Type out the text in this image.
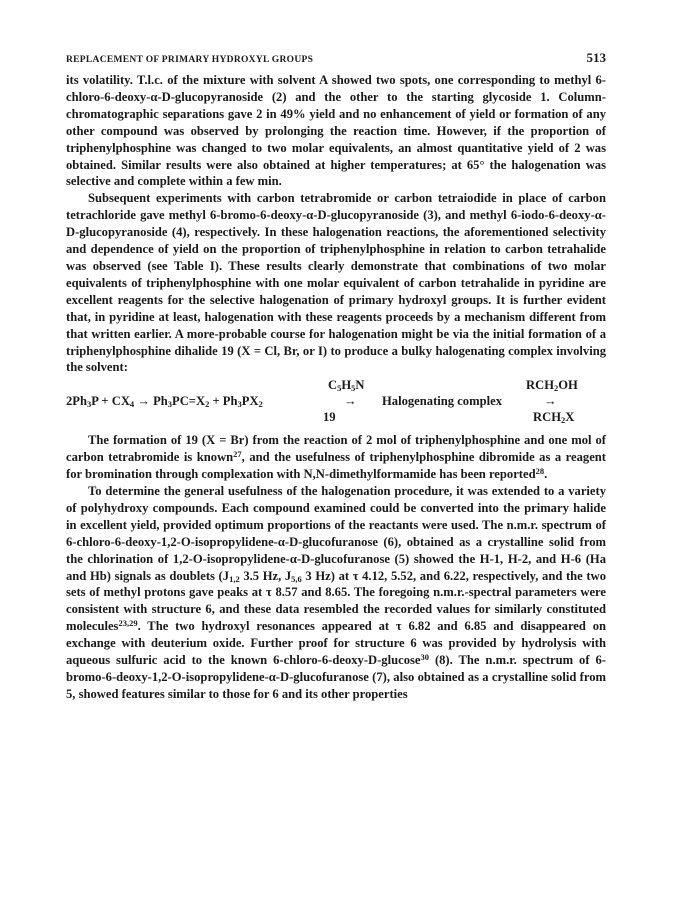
REPLACEMENT OF PRIMARY HYDROXYL GROUPS	513

its volatility. T.l.c. of the mixture with solvent A showed two spots, one corresponding to methyl 6-chloro-6-deoxy-α-D-glucopyranoside (2) and the other to the starting glycoside 1. Column-chromatographic separations gave 2 in 49% yield and no enhancement of yield or formation of any other compound was observed by prolonging the reaction time. However, if the proportion of triphenylphosphine was changed to two molar equivalents, an almost quantitative yield of 2 was obtained. Similar results were also obtained at higher temperatures; at 65° the halogenation was selective and complete within a few min.

Subsequent experiments with carbon tetrabromide or carbon tetraiodide in place of carbon tetrachloride gave methyl 6-bromo-6-deoxy-α-D-glucopyranoside (3), and methyl 6-iodo-6-deoxy-α-D-glucopyranoside (4), respectively. In these halogenation reactions, the aforementioned selectivity and dependence of yield on the proportion of triphenylphosphine in relation to carbon tetrahalide was observed (see Table I). These results clearly demonstrate that combinations of two molar equivalents of triphenylphosphine with one molar equivalent of carbon tetrahalide in pyridine are excellent reagents for the selective halogenation of primary hydroxyl groups. It is further evident that, in pyridine at least, halogenation with these reagents proceeds by a mechanism different from that written earlier. A more-probable course for halogenation might be via the initial formation of a triphenylphosphine dihalide 19 (X = Cl, Br, or I) to produce a bulky halogenating complex involving the solvent:

$C_5H_5N$	$RCH_2OH$
$2Ph_3P + CX_4 \to Ph_3PC=X_2 + Ph_3PX_2$	→ Halogenating complex	→
19	$RCH_2X$

The formation of 19 (X = Br) from the reaction of 2 mol of triphenylphosphine and one mol of carbon tetrabromide is known$^{27}$, and the usefulness of triphenylphosphine dibromide as a reagent for bromination through complexation with N,N-dimethylformamide has been reported$^{28}$.

To determine the general usefulness of the halogenation procedure, it was extended to a variety of polyhydroxy compounds. Each compound examined could be converted into the primary halide in excellent yield, provided optimum proportions of the reactants were used. The n.m.r. spectrum of 6-chloro-6-deoxy-1,2-O-isopropylidene-α-D-glucofuranose (6), obtained as a crystalline solid from the chlorination of 1,2-O-isopropylidene-α-D-glucofuranose (5) showed the H-1, H-2, and H-6 (Ha and Hb) signals as doublets ($J_{1,2}$ 3.5 Hz, $J_{5,6}$ 3 Hz) at τ 4.12, 5.52, and 6.22, respectively, and the two sets of methyl protons gave peaks at τ 8.57 and 8.65. The foregoing n.m.r.-spectral parameters were consistent with structure 6, and these data resembled the recorded values for similarly constituted molecules$^{23,29}$. The two hydroxyl resonances appeared at τ 6.82 and 6.85 and disappeared on exchange with deuterium oxide. Further proof for structure 6 was provided by hydrolysis with aqueous sulfuric acid to the known 6-chloro-6-deoxy-D-glucose$^{30}$ (8). The n.m.r. spectrum of 6-bromo-6-deoxy-1,2-O-isopropylidene-α-D-glucofuranose (7), also obtained as a crystalline solid from 5, showed features similar to those for 6 and its other properties
